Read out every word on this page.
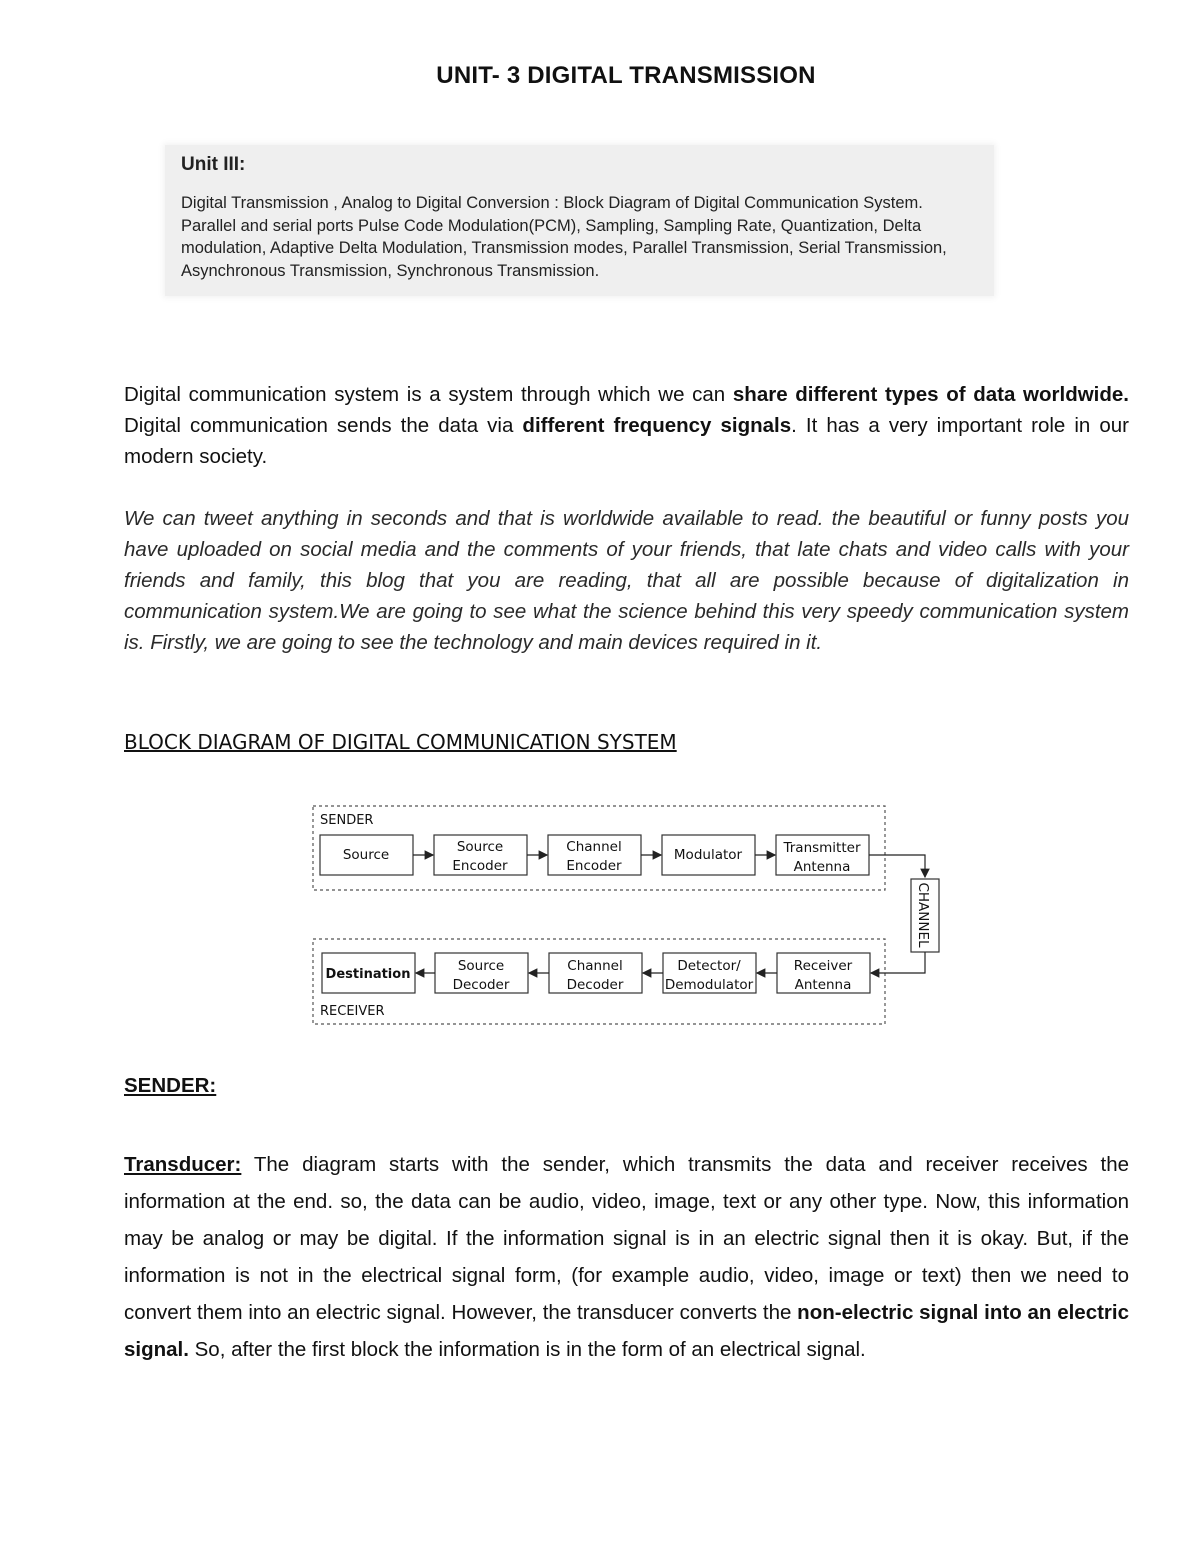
UNIT- 3 DIGITAL TRANSMISSION
Unit III:
Digital Transmission , Analog to Digital Conversion : Block Diagram of Digital Communication System. Parallel and serial ports Pulse Code Modulation(PCM), Sampling, Sampling Rate, Quantization, Delta modulation, Adaptive Delta Modulation, Transmission modes, Parallel Transmission, Serial Transmission, Asynchronous Transmission, Synchronous Transmission.
Digital communication system is a system through which we can share different types of data worldwide. Digital communication sends the data via different frequency signals. It has a very important role in our modern society.
We can tweet anything in seconds and that is worldwide available to read. the beautiful or funny posts you have uploaded on social media and the comments of your friends, that late chats and video calls with your friends and family, this blog that you are reading, that all are possible because of digitalization in communication system.We are going to see what the science behind this very speedy communication system is. Firstly, we are going to see the technology and main devices required in it.
BLOCK DIAGRAM OF DIGITAL COMMUNICATION SYSTEM
SENDER
RECEIVER
Source	Source
Encoder
Channel
Encoder
Modulator	Transmitter
Antenna
CHANNEL
Destination
Source
Decoder
Channel
Decoder
Detector/
Demodulator
Receiver
Antenna
SENDER:
Transducer: The diagram starts with the sender, which transmits the data and receiver receives the information at the end. so, the data can be audio, video, image, text or any other type. Now, this information may be analog or may be digital. If the information signal is in an electric signal then it is okay. But, if the information is not in the electrical signal form, (for example audio, video, image or text) then we need to convert them into an electric signal. However, the transducer converts the non-electric signal into an electric signal. So, after the first block the information is in the form of an electrical signal.
